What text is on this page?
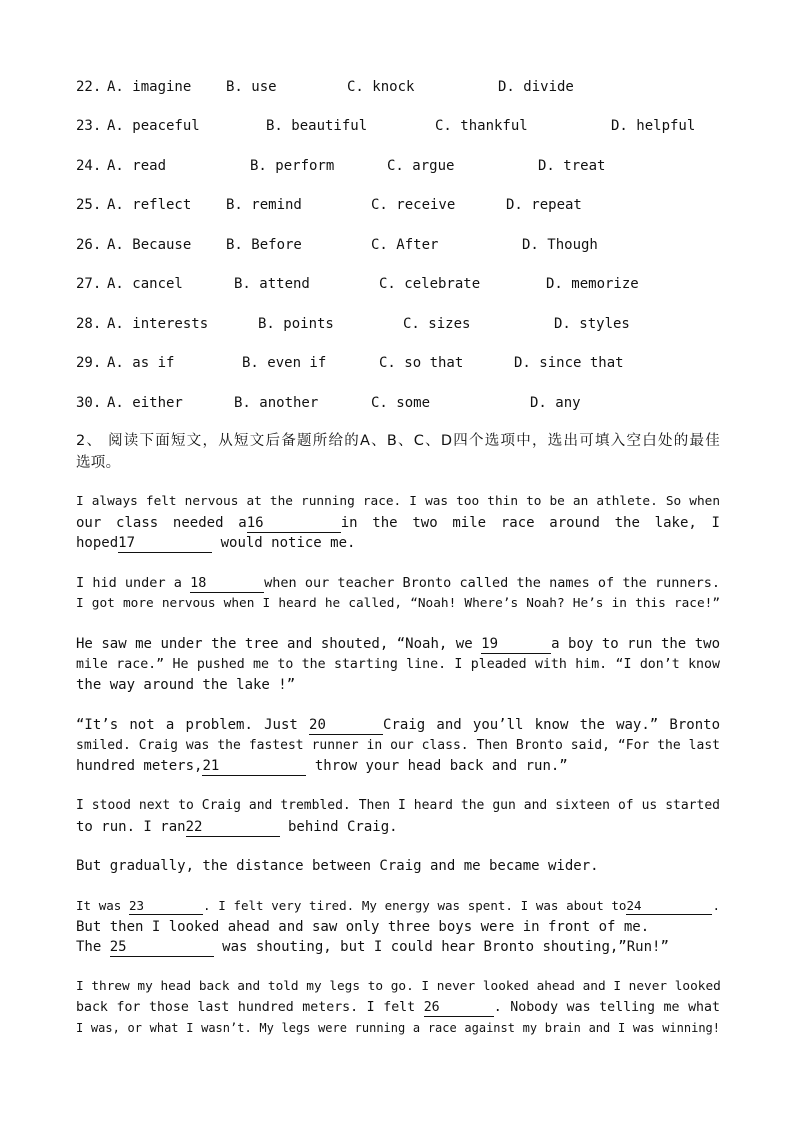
22. A. imagine B. use	C. knock	D. divide
23. A. peaceful	B. beautiful	C. thankful	D. helpful
24. A. read	B. perform	C. argue	D. treat
25. A. reflect B. remind	C. receive	D. repeat
26. A. Because B. Before	C. After	D. Though
27. A. cancel	B. attend	C. celebrate	D. memorize
28. A. interests	B. points	C. sizes	D. styles
29. A. as if	B. even if	C. so that	D. since that
30. A. either	B. another	C. some	D. any
2、 阅读下面短文，从短文后备题所给的A、B、C、D四个选项中，选出可填入空白处的最佳
选项。
I always felt nervous at the running race. I was too thin to be an athlete. So when
our class needed a16	in the two mile race around the lake, I
hoped17	would notice me.
I hid under a 18	when our teacher Bronto called the names of the runners.
I got more nervous when I heard he called, “Noah! Where’s Noah? He’s in this race!”
He saw me under the tree and shouted, “Noah, we 19	a boy to run the two
mile race.” He pushed me to the starting line. I pleaded with him. “I don’t know
the way around the lake !”
“It’s not a problem. Just 20	Craig and you’ll know the way.” Bronto
smiled. Craig was the fastest runner in our class. Then Bronto said, “For the last
hundred meters,21	throw your head back and run.”
I stood next to Craig and trembled. Then I heard the gun and sixteen of us started
to run. I ran22	behind Craig.
But gradually, the distance between Craig and me became wider.
It was 23	. I felt very tired. My energy was spent. I was about to24	.
But then I looked ahead and saw only three boys were in front of me.
The 25	was shouting, but I could hear Bronto shouting,”Run!”
I threw my head back and told my legs to go. I never looked ahead and I never looked
back for those last hundred meters. I felt 26	. Nobody was telling me what
I was, or what I wasn’t. My legs were running a race against my brain and I was winning!
